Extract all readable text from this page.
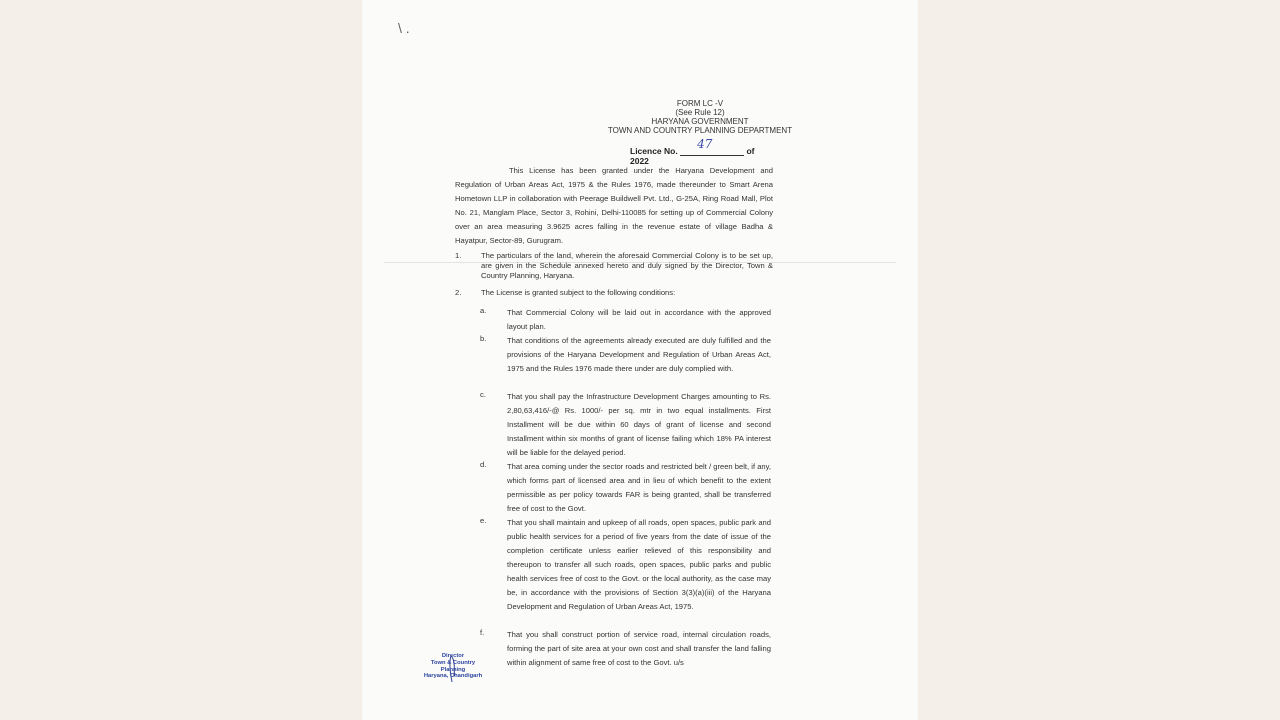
\ .
FORM LC -V
(See Rule 12)
HARYANA GOVERNMENT
TOWN AND COUNTRY PLANNING DEPARTMENT
Licence No. 47	of 2022
This License has been granted under the Haryana Development and Regulation of Urban Areas Act, 1975 & the Rules 1976, made thereunder to Smart Arena Hometown LLP in collaboration with Peerage Buildwell Pvt. Ltd., G-25A, Ring Road Mall, Plot No. 21, Manglam Place, Sector 3, Rohini, Delhi-110085 for setting up of Commercial Colony over an area measuring 3.9625 acres falling in the revenue estate of village Badha & Hayatpur, Sector-89, Gurugram.
1.	The particulars of the land, wherein the aforesaid Commercial Colony is to be set up, are given in the Schedule annexed hereto and duly signed by the Director, Town & Country Planning, Haryana.
2.	The License is granted subject to the following conditions:
a.	That Commercial Colony will be laid out in accordance with the approved layout plan.
b.	That conditions of the agreements already executed are duly fulfilled and the provisions of the Haryana Development and Regulation of Urban Areas Act, 1975 and the Rules 1976 made there under are duly complied with.
c.	That you shall pay the Infrastructure Development Charges amounting to Rs. 2,80,63,416/-@ Rs. 1000/- per sq. mtr in two equal installments. First Installment will be due within 60 days of grant of license and second Installment within six months of grant of license failing which 18% PA interest will be liable for the delayed period.
d.	That area coming under the sector roads and restricted belt / green belt, if any, which forms part of licensed area and in lieu of which benefit to the extent permissible as per policy towards FAR is being granted, shall be transferred free of cost to the Govt.
e.	That you shall maintain and upkeep of all roads, open spaces, public park and public health services for a period of five years from the date of issue of the completion certificate unless earlier relieved of this responsibility and thereupon to transfer all such roads, open spaces, public parks and public health services free of cost to the Govt. or the local authority, as the case may be, in accordance with the provisions of Section 3(3)(a)(iii) of the Haryana Development and Regulation of Urban Areas Act, 1975.
f.	That you shall construct portion of service road, internal circulation roads, forming the part of site area at your own cost and shall transfer the land falling within alignment of same free of cost to the Govt. u/s
Director
Town & Country Planning
Haryana, Chandigarh
